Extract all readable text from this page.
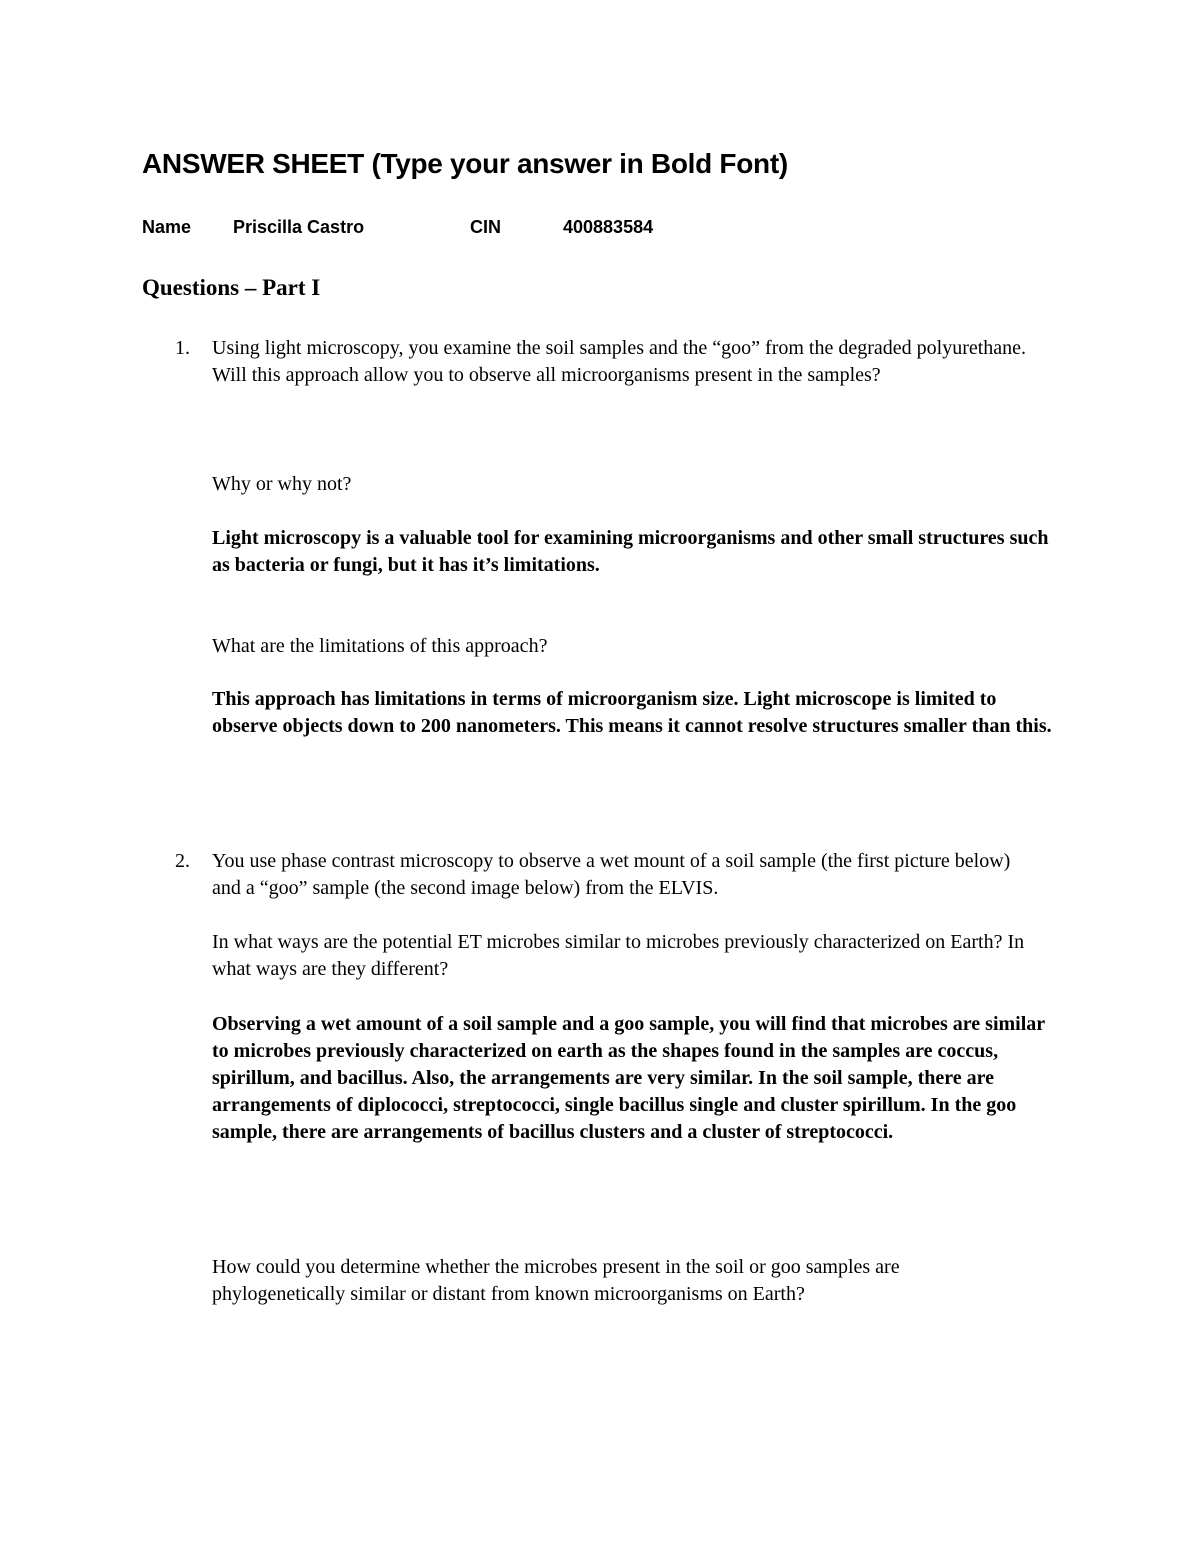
ANSWER SHEET (Type your answer in Bold Font)
Name Priscilla Castro	CIN	400883584
Questions – Part I
1. Using light microscopy, you examine the soil samples and the “goo” from the degraded polyurethane. Will this approach allow you to observe all microorganisms present in the samples?
Why or why not?
Light microscopy is a valuable tool for examining microorganisms and other small structures such as bacteria or fungi, but it has it’s limitations.
What are the limitations of this approach?
This approach has limitations in terms of microorganism size. Light microscope is limited to observe objects down to 200 nanometers. This means it cannot resolve structures smaller than this.
2. You use phase contrast microscopy to observe a wet mount of a soil sample (the first picture below) and a “goo” sample (the second image below) from the ELVIS.
In what ways are the potential ET microbes similar to microbes previously characterized on Earth? In what ways are they different?
Observing a wet amount of a soil sample and a goo sample, you will find that microbes are similar to microbes previously characterized on earth as the shapes found in the samples are coccus, spirillum, and bacillus. Also, the arrangements are very similar. In the soil sample, there are arrangements of diplococci, streptococci, single bacillus single and cluster spirillum. In the goo sample, there are arrangements of bacillus clusters and a cluster of streptococci.
How could you determine whether the microbes present in the soil or goo samples are phylogenetically similar or distant from known microorganisms on Earth?
